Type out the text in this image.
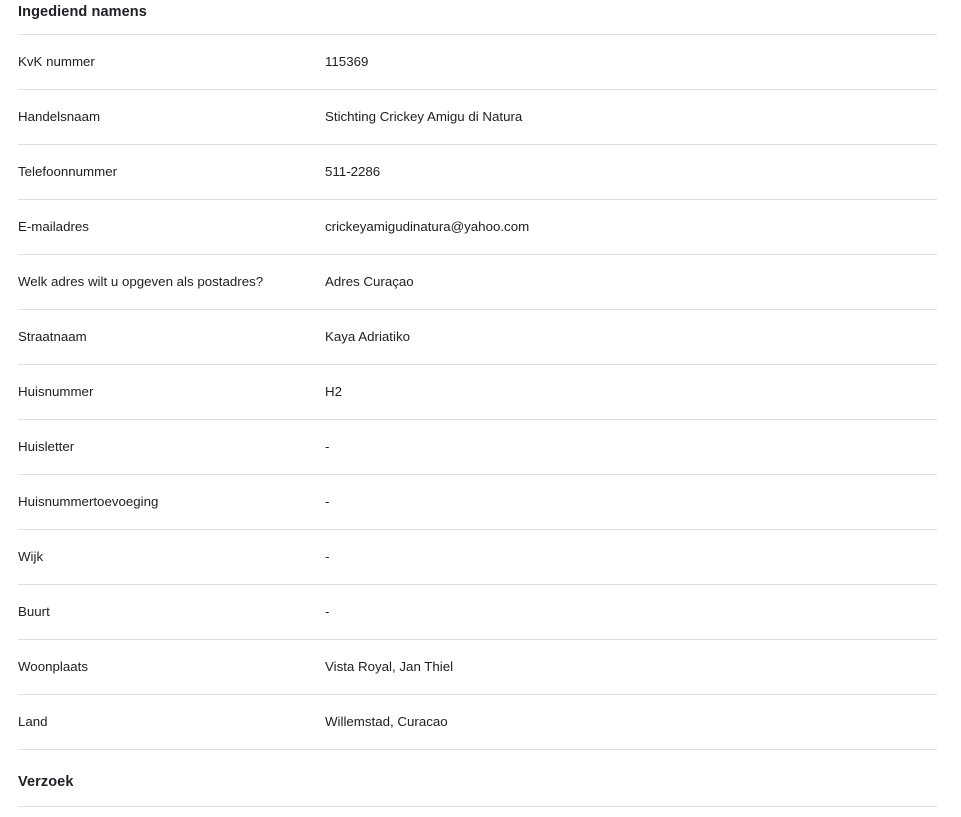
Ingediend namens
KvK nummer	115369
Handelsnaam	Stichting Crickey Amigu di Natura
Telefoonnummer	511-2286
E-mailadres	crickeyamigudinatura@yahoo.com
Welk adres wilt u opgeven als postadres?	Adres Curaçao
Straatnaam	Kaya Adriatiko
Huisnummer	H2
Huisletter	-
Huisnummertoevoeging	-
Wijk	-
Buurt	-
Woonplaats	Vista Royal, Jan Thiel
Land	Willemstad, Curacao
Verzoek
